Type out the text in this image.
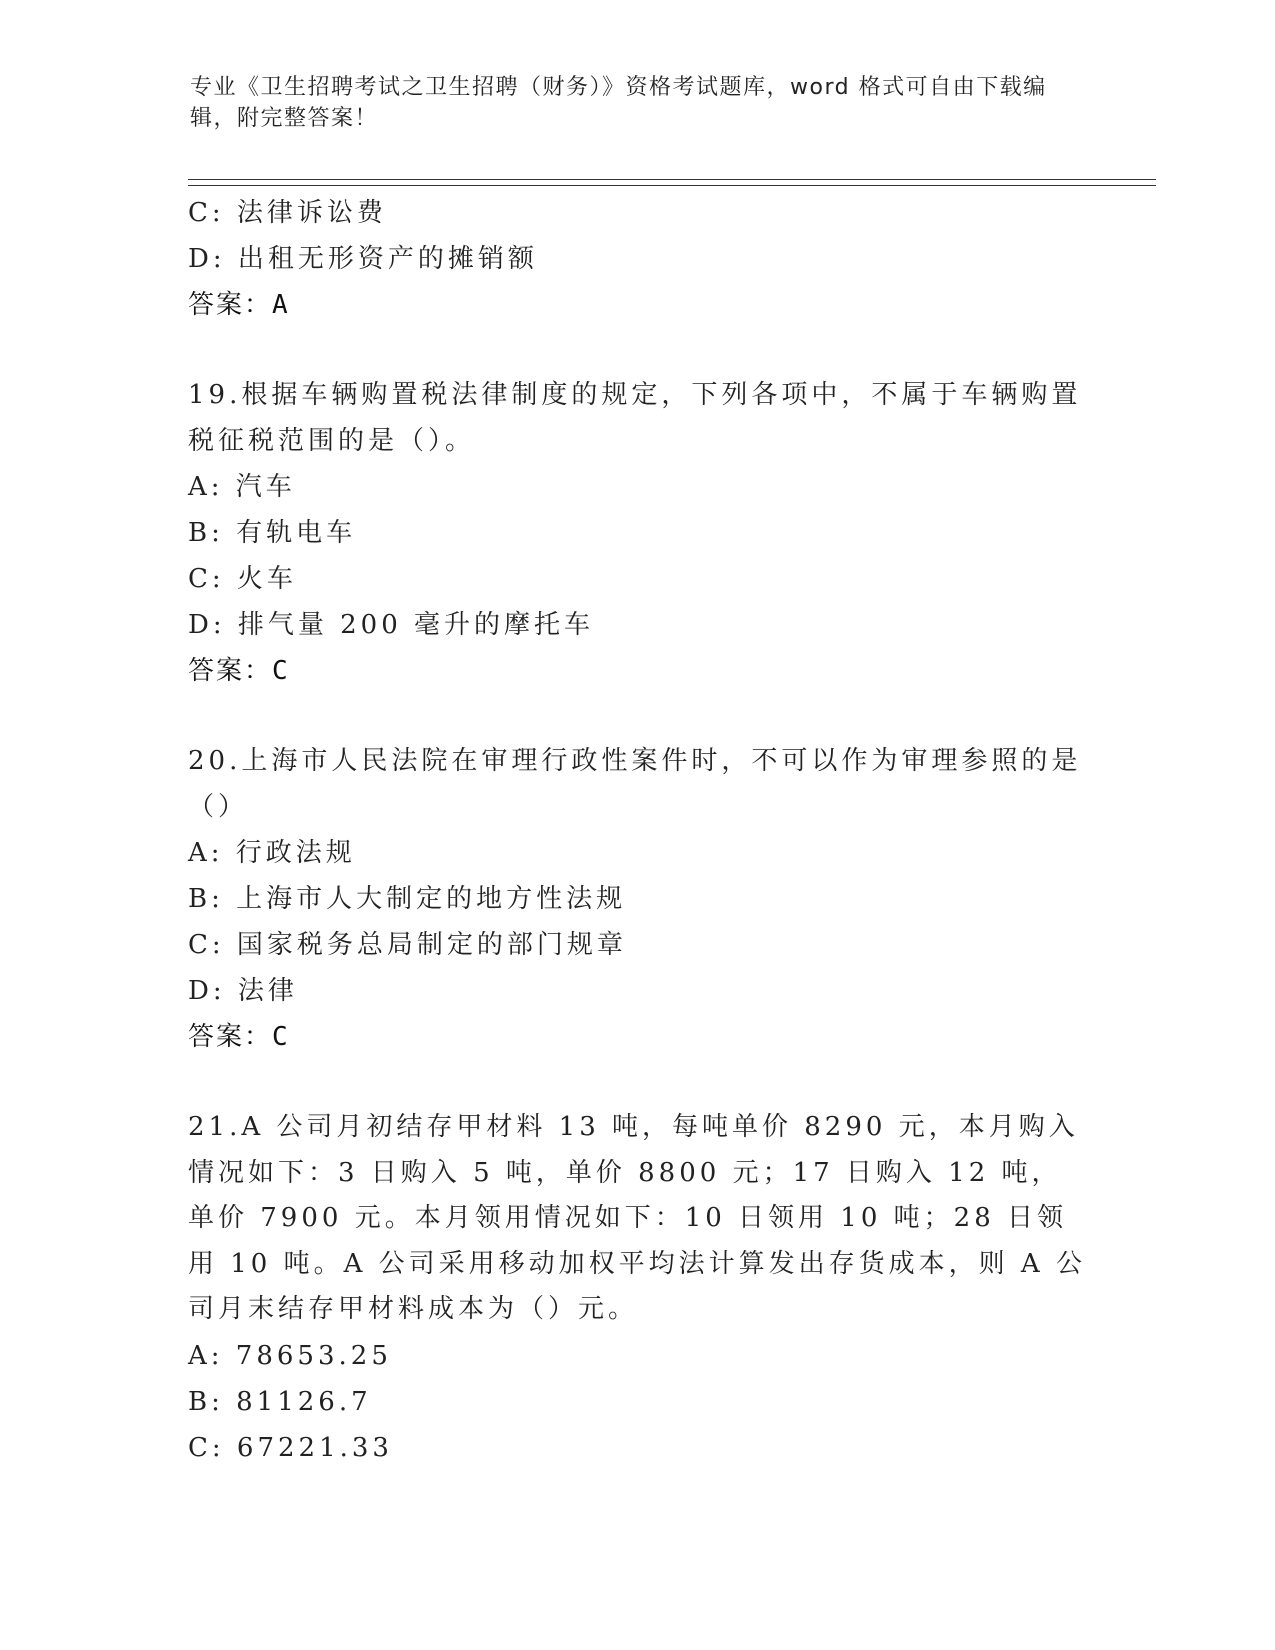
专业《卫生招聘考试之卫生招聘（财务）》资格考试题库，word 格式可自由下载编辑，附完整答案！
C: 法律诉讼费
D: 出租无形资产的摊销额
答案：A
19.根据车辆购置税法律制度的规定，下列各项中，不属于车辆购置税征税范围的是（）。
A: 汽车
B: 有轨电车
C: 火车
D: 排气量 200 毫升的摩托车
答案：C
20.上海市人民法院在审理行政性案件时，不可以作为审理参照的是（）
A: 行政法规
B: 上海市人大制定的地方性法规
C: 国家税务总局制定的部门规章
D: 法律
答案：C
21.A 公司月初结存甲材料 13 吨，每吨单价 8290 元，本月购入情况如下：3 日购入 5 吨，单价 8800 元；17 日购入 12 吨，单价 7900 元。本月领用情况如下：10 日领用 10 吨；28 日领用 10 吨。A 公司采用移动加权平均法计算发出存货成本，则 A 公司月末结存甲材料成本为（）元。
A: 78653.25
B: 81126.7
C: 67221.33
